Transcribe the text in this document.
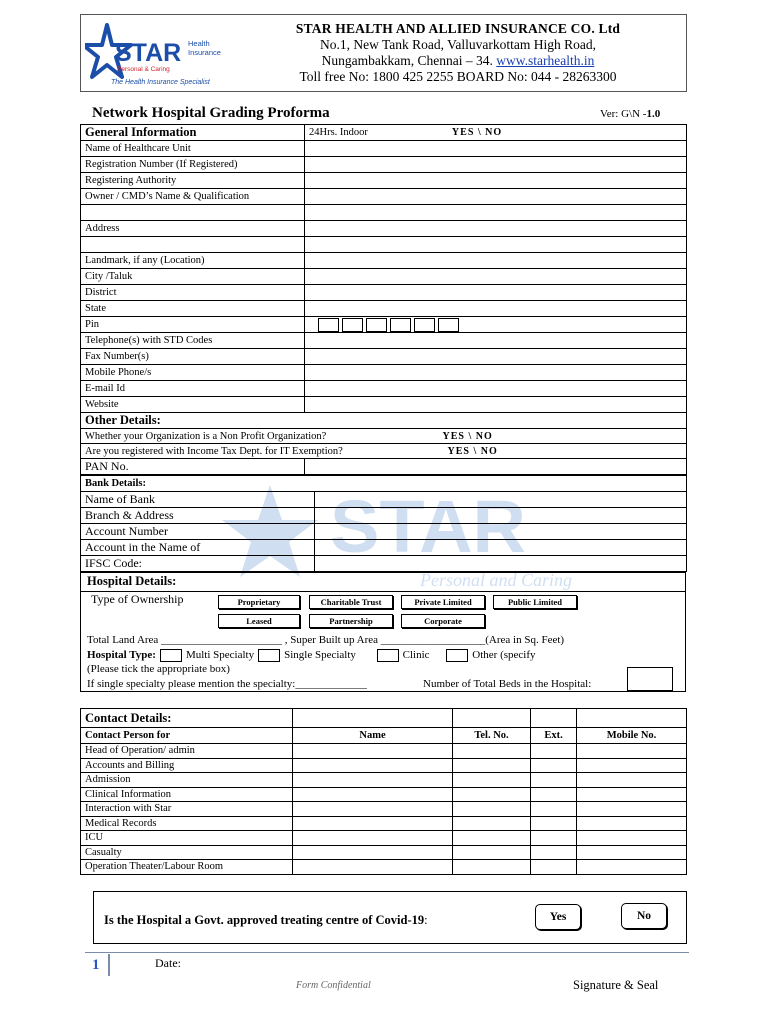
STAR Health
Insurance
Personal & Caring
The Health Insurance Specialist
STAR HEALTH AND ALLIED INSURANCE CO. Ltd
No.1, New Tank Road, Valluvarkottam High Road,
Nungambakkam, Chennai – 34. www.starhealth.in
Toll free No: 1800 425 2255 BOARD No: 044 - 28263300
Network Hospital Grading Proforma	Ver: G\N -1.0
STAR
Personal and Caring
General Information	24Hrs. Indoor YES \ NO
Name of Healthcare Unit	
Registration Number (If Registered)	
Registering Authority	
Owner / CMD’s Name & Qualification	

Address	

Landmark, if any (Location)	
City /Taluk	
District	
State	
Pin	
Telephone(s) with STD Codes	
Fax Number(s)	
Mobile Phone/s	
E-mail Id	
Website	
Other Details:	
Whether your Organization is a Non Profit Organization? YES \ NO	

Are you registered with Income Tax Dept. for IT Exemption? YES \ NO	

PAN No.	
Bank Details:	
Name of Bank	
Branch & Address	
Account Number	
Account in the Name of	
IFSC Code:	
Hospital Details:
Type of Ownership	Proprietary	Charitable Trust	Private Limited	Public Limited
Leased	Partnership	Corporate
Total Land Area ______________________ , Super Built up Area ___________________(Area in Sq. Feet)
Hospital Type:	Multi Specialty	Single Specialty	Clinic	Other (specify
(Please tick the appropriate box)
If single specialty please mention the specialty:_____________	Number of Total Beds in the Hospital:
Contact Details:				
Contact Person for	Name	Tel. No.	Ext.	Mobile No.
Head of Operation/ admin				
Accounts and Billing				
Admission				
Clinical Information				
Interaction with Star				
Medical Records				
ICU				
Casualty				
Operation Theater/Labour Room				
Is the Hospital a Govt. approved treating centre of Covid-19:	Yes	No
1	Date:
Form Confidential	Signature & Seal
